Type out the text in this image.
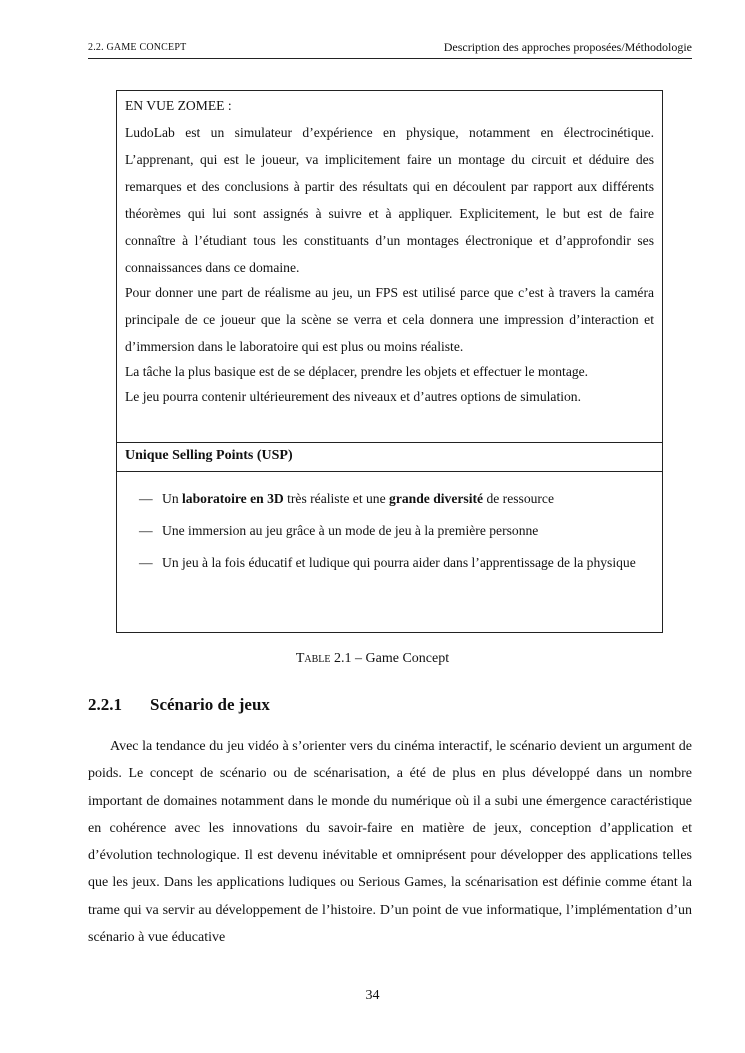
2.2. GAME CONCEPT	Description des approches proposées/Méthodologie
EN VUE ZOMEE :

LudoLab est un simulateur d’expérience en physique, notamment en électrocinétique. L’apprenant, qui est le joueur, va implicitement faire un montage du circuit et déduire des remarques et des conclusions à partir des résultats qui en découlent par rapport aux différents théorèmes qui lui sont assignés à suivre et à appliquer. Explicitement, le but est de faire connaître à l’étudiant tous les constituants d’un montages électronique et d’approfondir ses connaissances dans ce domaine.

Pour donner une part de réalisme au jeu, un FPS est utilisé parce que c’est à travers la caméra principale de ce joueur que la scène se verra et cela donnera une impression d’interaction et d’immersion dans le laboratoire qui est plus ou moins réaliste.

La tâche la plus basique est de se déplacer, prendre les objets et effectuer le montage.

Le jeu pourra contenir ultérieurement des niveaux et d’autres options de simulation.

Unique Selling Points (USP)
— Un laboratoire en 3D très réaliste et une grande diversité de ressource
— Une immersion au jeu grâce à un mode de jeu à la première personne
— Un jeu à la fois éducatif et ludique qui pourra aider dans l’apprentissage de la physique
Table 2.1 – Game Concept
2.2.1 Scénario de jeux
Avec la tendance du jeu vidéo à s’orienter vers du cinéma interactif, le scénario devient un argument de poids. Le concept de scénario ou de scénarisation, a été de plus en plus développé dans un nombre important de domaines notamment dans le monde du numérique où il a subi une émergence caractéristique en cohérence avec les innovations du savoir-faire en matière de jeux, conception d’application et d’évolution technologique. Il est devenu inévitable et omniprésent pour développer des applications telles que les jeux. Dans les applications ludiques ou Serious Games, la scénarisation est définie comme étant la trame qui va servir au développement de l’histoire. D’un point de vue informatique, l’implémentation d’un scénario à vue éducative
34
